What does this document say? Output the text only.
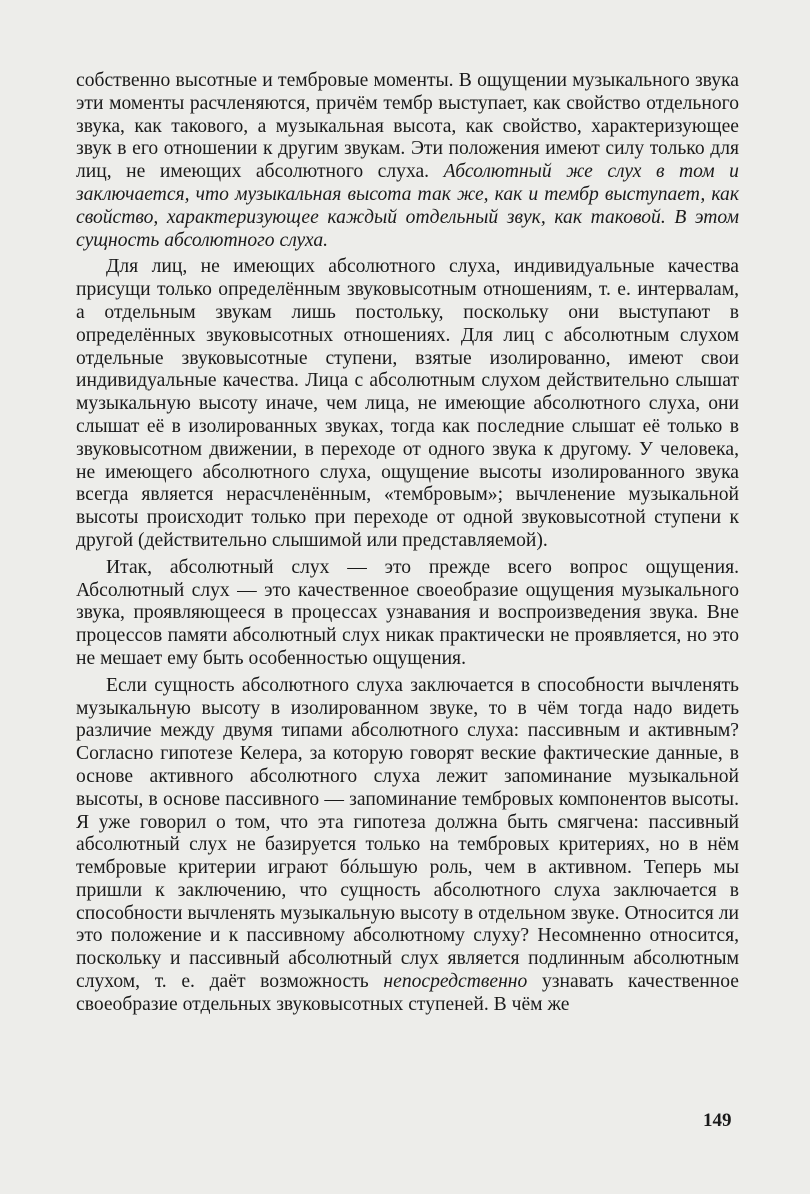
собственно высотные и тембровые моменты. В ощущении музыкального звука эти моменты расчленяются, причём тембр выступает, как свойство отдельного звука, как такового, а музыкальная высота, как свойство, характеризующее звук в его отношении к другим звукам. Эти положения имеют силу только для лиц, не имеющих абсолютного слуха. Абсолютный же слух в том и заключается, что музыкальная высота так же, как и тембр выступает, как свойство, характеризующее каждый отдельный звук, как таковой. В этом сущность абсолютного слуха.

Для лиц, не имеющих абсолютного слуха, индивидуальные качества присущи только определённым звуковысотным отношениям, т. е. интервалам, а отдельным звукам лишь постольку, поскольку они выступают в определённых звуковысотных отношениях. Для лиц с абсолютным слухом отдельные звуковысотные ступени, взятые изолированно, имеют свои индивидуальные качества. Лица с абсолютным слухом действительно слышат музыкальную высоту иначе, чем лица, не имеющие абсолютного слуха, они слышат её в изолированных звуках, тогда как последние слышат её только в звуковысотном движении, в переходе от одного звука к другому. У человека, не имеющего абсолютного слуха, ощущение высоты изолированного звука всегда является нерасчленённым, «тембровым»; вычленение музыкальной высоты происходит только при переходе от одной звуковысотной ступени к другой (действительно слышимой или представляемой).

Итак, абсолютный слух — это прежде всего вопрос ощущения. Абсолютный слух — это качественное своеобразие ощущения музыкального звука, проявляющееся в процессах узнавания и воспроизведения звука. Вне процессов памяти абсолютный слух никак практически не проявляется, но это не мешает ему быть особенностью ощущения.

Если сущность абсолютного слуха заключается в способности вычленять музыкальную высоту в изолированном звуке, то в чём тогда надо видеть различие между двумя типами абсолютного слуха: пассивным и активным? Согласно гипотезе Келера, за которую говорят веские фактические данные, в основе активного абсолютного слуха лежит запоминание музыкальной высоты, в основе пассивного — запоминание тембровых компонентов высоты. Я уже говорил о том, что эта гипотеза должна быть смягчена: пассивный абсолютный слух не базируется только на тембровых критериях, но в нём тембровые критерии играют бóльшую роль, чем в активном. Теперь мы пришли к заключению, что сущность абсолютного слуха заключается в способности вычленять музыкальную высоту в отдельном звуке. Относится ли это положение и к пассивному абсолютному слуху? Несомненно относится, поскольку и пассивный абсолютный слух является подлинным абсолютным слухом, т. е. даёт возможность непосредственно узнавать качественное своеобразие отдельных звуковысотных ступеней. В чём же

149
